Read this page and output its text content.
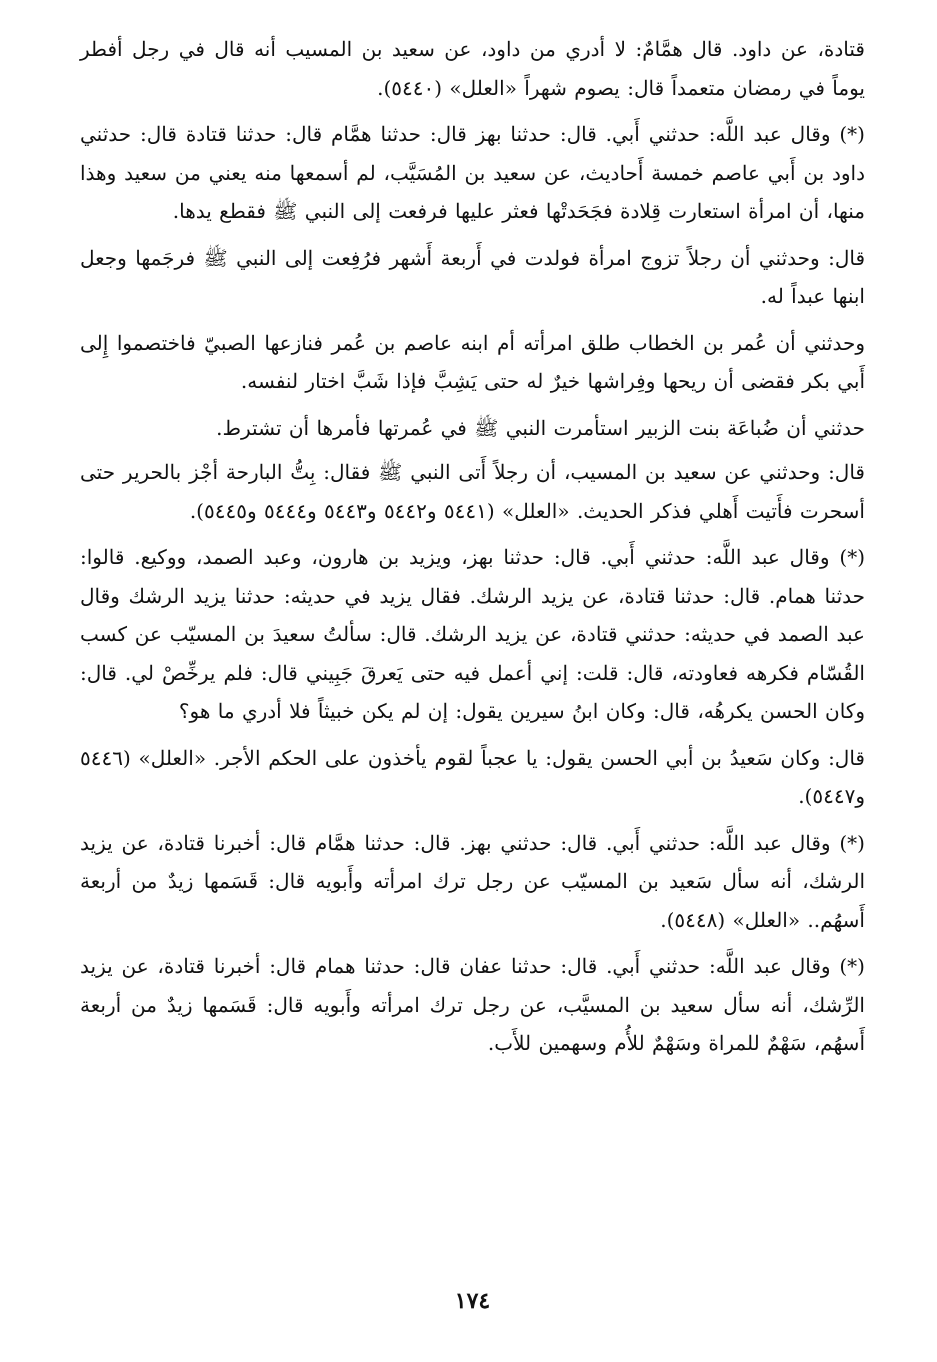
قتادة، عن داود. قال همَّامٌ: لا أدري من داود، عن سعيد بن المسيب أنه قال في رجل أفطر يوماً في رمضان متعمداً قال: يصوم شهراً «العلل» (٥٤٤٠).

(*) وقال عبد اللَّه: حدثني أَبي. قال: حدثنا بهز قال: حدثنا همَّام قال: حدثنا قتادة قال: حدثني داود بن أَبي عاصم خمسة أَحاديث، عن سعيد بن المُسَيَّب، لم أسمعها منه يعني من سعيد وهذا منها، أن امرأة استعارت قِلادة فجَحَدتْها فعثر عليها فرفعت إلى النبي ﷺ فقطع يدها.

قال: وحدثني أن رجلاً تزوج امرأة فولدت في أَربعة أَشهر فرُفِعت إلى النبي ﷺ فرجَمها وجعل ابنها عبداً له.

وحدثني أن عُمر بن الخطاب طلق امرأته أم ابنه عاصم بن عُمر فنازعها الصبيّ فاختصموا إِلى أَبي بكر فقضى أن ريحها وفِراشها خيرٌ له حتى يَشِبَّ فإذا شَبَّ اختار لنفسه.

حدثني أن ضُباعَة بنت الزبير استأمرت النبي ﷺ في عُمرتها فأمرها أن تشترط.

قال: وحدثني عن سعيد بن المسيب، أن رجلاً أَتى النبي ﷺ فقال: بِتُّ البارحة أجْز بالحرير حتى أسحرت فأَتيت أَهلي فذكر الحديث. «العلل» (٥٤٤١ و٥٤٤٢ و٥٤٤٣ و٥٤٤٤ و٥٤٤٥).

(*) وقال عبد اللَّه: حدثني أَبي. قال: حدثنا بهز، ويزيد بن هارون، وعبد الصمد، ووكيع. قالوا: حدثنا همام. قال: حدثنا قتادة، عن يزيد الرشك. فقال يزيد في حديثه: حدثنا يزيد الرشك وقال عبد الصمد في حديثه: حدثني قتادة، عن يزيد الرشك. قال: سألتُ سعيدَ بن المسيّب عن كسب القُسّام فكرهه فعاودته، قال: قلت: إني أعمل فيه حتى يَعرقَ جَبِيني قال: فلم يرخِّصْ لي. قال: وكان الحسن يكرهُه، قال: وكان ابنُ سيرين يقول: إن لم يكن خبيثاً فلا أدري ما هو؟

قال: وكان سَعيدُ بن أبي الحسن يقول: يا عجباً لقوم يأخذون على الحكم الأجر. «العلل» (٥٤٤٦ و٥٤٤٧).

(*) وقال عبد اللَّه: حدثني أَبي. قال: حدثني بهز. قال: حدثنا همَّام قال: أخبرنا قتادة، عن يزيد الرشك، أنه سأل سَعيد بن المسيّب عن رجل ترك امرأته وأَبويه قال: قَسَمها زيدٌ من أربعة أَسهُم.. «العلل» (٥٤٤٨).

(*) وقال عبد اللَّه: حدثني أَبي. قال: حدثنا عفان قال: حدثنا همام قال: أخبرنا قتادة، عن يزيد الرِّشك، أنه سأل سعيد بن المسيَّب، عن رجل ترك امرأته وأَبويه قال: قَسَمها زيدٌ من أربعة أَسهُم، سَهْمٌ للمراة وسَهْمٌ للأُم وسهمين للأَب.

١٧٤
